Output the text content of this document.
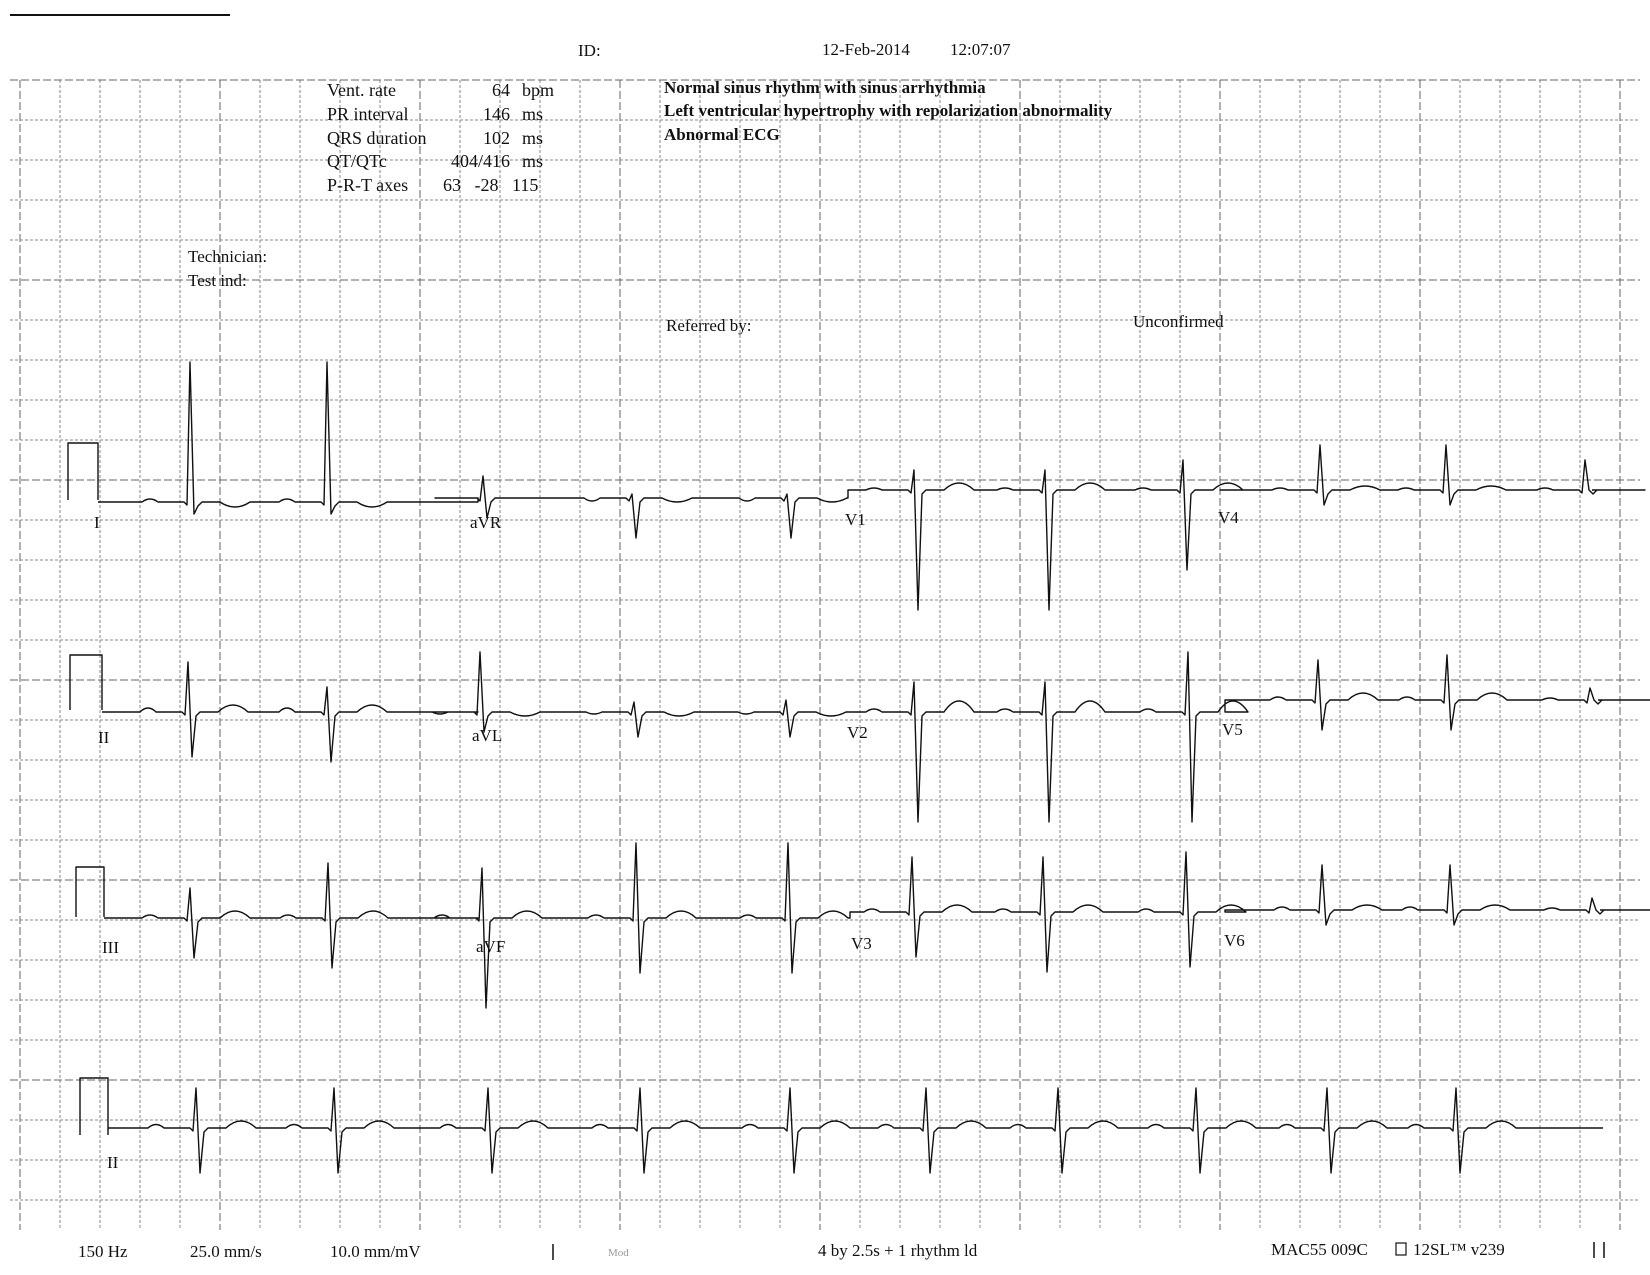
ID:	12-Feb-2014 12:07:07
Vent. rate	64 bpm
PR interval	146 ms
QRS duration	102 ms
QT/QTc	404/416 ms
P-R-T axes 63   -28   115
Normal sinus rhythm with sinus arrhythmia
Left ventricular hypertrophy with repolarization abnormality
Abnormal ECG
Technician:
Test ind:
Referred by:	Unconfirmed
I	aVR	V1	V4
II	aVL	V2	V5
III	aVF	V3	V6
II
150 Hz	25.0 mm/s	10.0 mm/mV	Mod	4 by 2.5s + 1 rhythm ld	MAC55 009C	12SL™ v239
